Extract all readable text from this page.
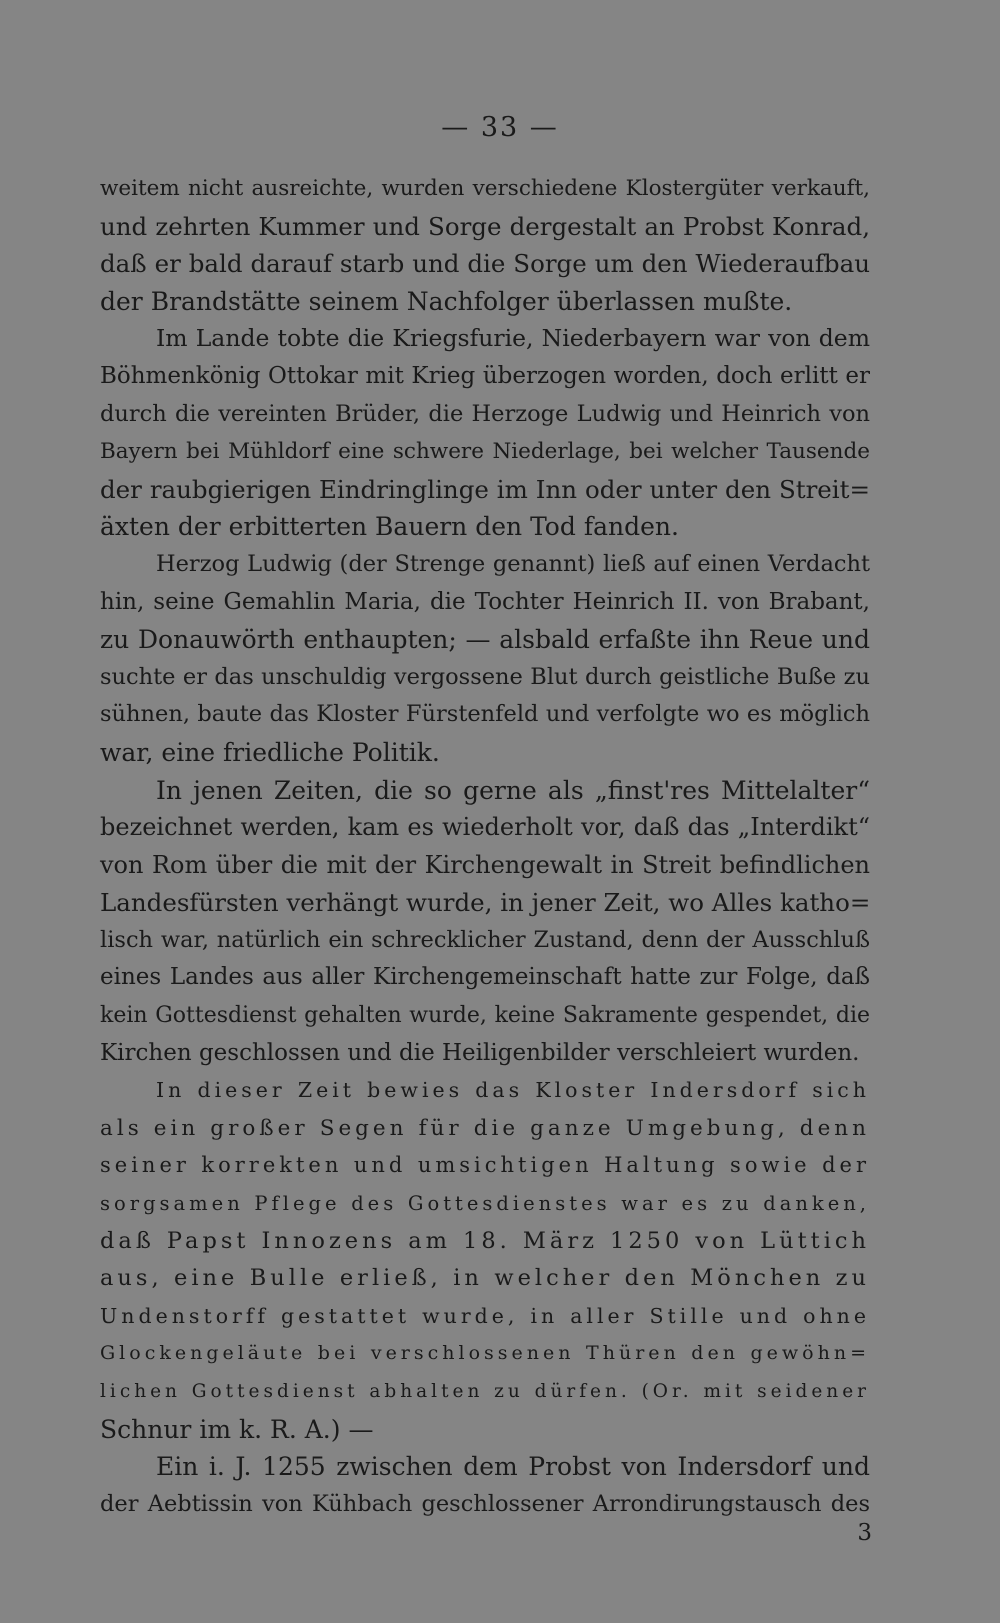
— 33 —
weitem nicht ausreichte, wurden verschiedene Klostergüter verkauft,
und zehrten Kummer und Sorge dergestalt an Probst Konrad,
daß er bald darauf starb und die Sorge um den Wiederaufbau
der Brandstätte seinem Nachfolger überlassen mußte.
Im Lande tobte die Kriegsfurie, Niederbayern war von dem
Böhmenkönig Ottokar mit Krieg überzogen worden, doch erlitt er
durch die vereinten Brüder, die Herzoge Ludwig und Heinrich von
Bayern bei Mühldorf eine schwere Niederlage, bei welcher Tausende
der raubgierigen Eindringlinge im Inn oder unter den Streit=
äxten der erbitterten Bauern den Tod fanden.
Herzog Ludwig (der Strenge genannt) ließ auf einen Verdacht
hin, seine Gemahlin Maria, die Tochter Heinrich II. von Brabant,
zu Donauwörth enthaupten; — alsbald erfaßte ihn Reue und
suchte er das unschuldig vergossene Blut durch geistliche Buße zu
sühnen, baute das Kloster Fürstenfeld und verfolgte wo es möglich
war, eine friedliche Politik.
In jenen Zeiten, die so gerne als „finst'res Mittelalter“
bezeichnet werden, kam es wiederholt vor, daß das „Interdikt“
von Rom über die mit der Kirchengewalt in Streit befindlichen
Landesfürsten verhängt wurde, in jener Zeit, wo Alles katho=
lisch war, natürlich ein schrecklicher Zustand, denn der Ausschluß
eines Landes aus aller Kirchengemeinschaft hatte zur Folge, daß
kein Gottesdienst gehalten wurde, keine Sakramente gespendet, die
Kirchen geschlossen und die Heiligenbilder verschleiert wurden.
In dieser Zeit bewies das Kloster Indersdorf sich
als ein großer Segen für die ganze Umgebung, denn
seiner korrekten und umsichtigen Haltung sowie der
sorgsamen Pflege des Gottesdienstes war es zu danken,
daß Papst Innozens am 18. März 1250 von Lüttich
aus, eine Bulle erließ, in welcher den Mönchen zu
Undenstorff gestattet wurde, in aller Stille und ohne
Glockengeläute bei verschlossenen Thüren den gewöhn=
lichen Gottesdienst abhalten zu dürfen. (Or. mit seidener
Schnur im k. R. A.) —
Ein i. J. 1255 zwischen dem Probst von Indersdorf und
der Aebtissin von Kühbach geschlossener Arrondirungstausch des
3
